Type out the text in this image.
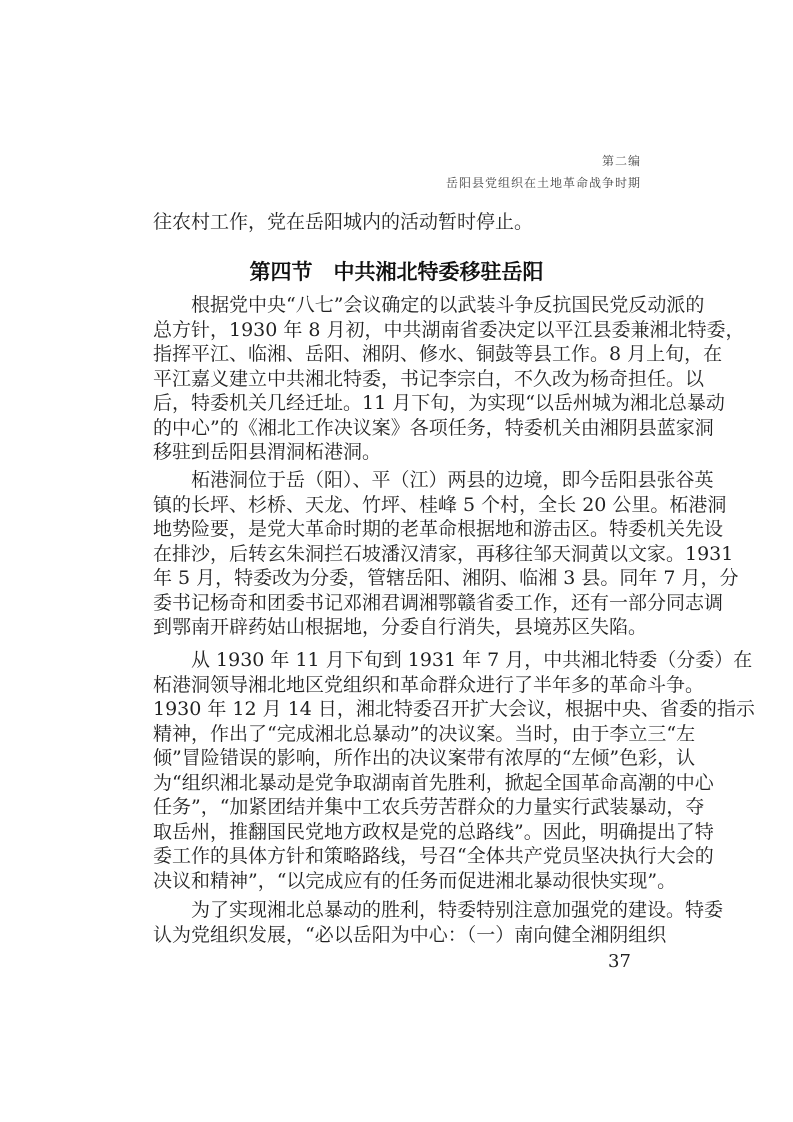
第二编
岳阳县党组织在土地革命战争时期
往农村工作，党在岳阳城内的活动暂时停止。
第四节　中共湘北特委移驻岳阳
根据党中央“八七”会议确定的以武装斗争反抗国民党反动派的
总方针，1930 年 8 月初，中共湖南省委决定以平江县委兼湘北特委，
指挥平江、临湘、岳阳、湘阴、修水、铜鼓等县工作。8 月上旬，在
平江嘉义建立中共湘北特委，书记李宗白，不久改为杨奇担任。以
后，特委机关几经迁址。11 月下旬，为实现“以岳州城为湘北总暴动
的中心”的《湘北工作决议案》各项任务，特委机关由湘阴县蓝家洞
移驻到岳阳县渭洞柘港洞。
柘港洞位于岳（阳）、平（江）两县的边境，即今岳阳县张谷英
镇的长坪、杉桥、天龙、竹坪、桂峰 5 个村，全长 20 公里。柘港洞
地势险要，是党大革命时期的老革命根据地和游击区。特委机关先设
在排沙，后转玄朱洞拦石坡潘汉清家，再移往邹天洞黄以文家。1931
年 5 月，特委改为分委，管辖岳阳、湘阴、临湘 3 县。同年 7 月，分
委书记杨奇和团委书记邓湘君调湘鄂赣省委工作，还有一部分同志调
到鄂南开辟药姑山根据地，分委自行消失，县境苏区失陷。
从 1930 年 11 月下旬到 1931 年 7 月，中共湘北特委（分委）在
柘港洞领导湘北地区党组织和革命群众进行了半年多的革命斗争。
1930 年 12 月 14 日，湘北特委召开扩大会议，根据中央、省委的指示
精神，作出了“完成湘北总暴动”的决议案。当时，由于李立三“左
倾”冒险错误的影响，所作出的决议案带有浓厚的“左倾”色彩，认
为“组织湘北暴动是党争取湖南首先胜利，掀起全国革命高潮的中心
任务”，“加紧团结并集中工农兵劳苦群众的力量实行武装暴动，夺
取岳州，推翻国民党地方政权是党的总路线”。因此，明确提出了特
委工作的具体方针和策略路线，号召“全体共产党员坚决执行大会的
决议和精神”，“以完成应有的任务而促进湘北暴动很快实现”。
为了实现湘北总暴动的胜利，特委特别注意加强党的建设。特委
认为党组织发展，“必以岳阳为中心：（一）南向健全湘阴组织
37
